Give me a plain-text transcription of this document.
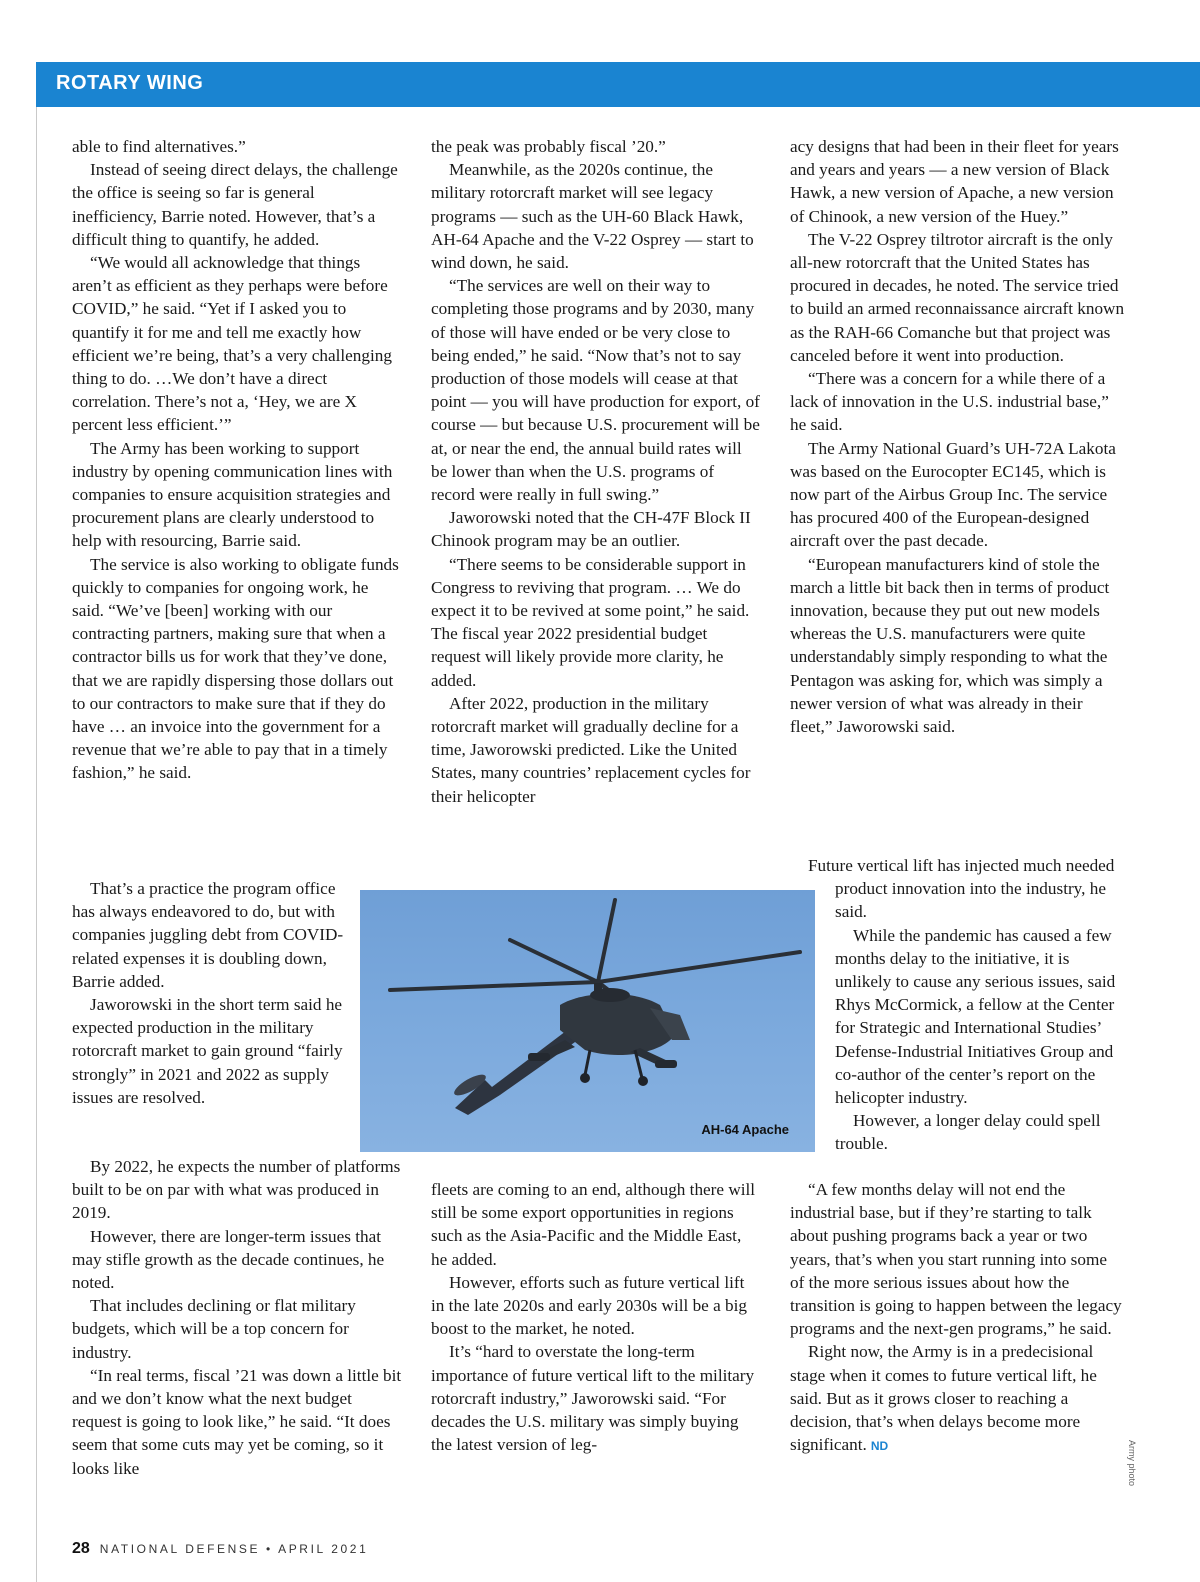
ROTARY WING

able to find alternatives.”

Instead of seeing direct delays, the challenge the office is seeing so far is general inefficiency, Barrie noted. However, that’s a difficult thing to quantify, he added.

“We would all acknowledge that things aren’t as efficient as they perhaps were before COVID,” he said. “Yet if I asked you to quantify it for me and tell me exactly how efficient we’re being, that’s a very challenging thing to do. …We don’t have a direct correlation. There’s not a, ‘Hey, we are X percent less efficient.’”

The Army has been working to support industry by opening communication lines with companies to ensure acquisition strategies and procurement plans are clearly understood to help with resourcing, Barrie said.

The service is also working to obligate funds quickly to companies for ongoing work, he said. “We’ve [been] working with our contracting partners, making sure that when a contractor bills us for work that they’ve done, that we are rapidly dispersing those dollars out to our contractors to make sure that if they do have … an invoice into the government for a revenue that we’re able to pay that in a timely fashion,” he said.

That’s a practice the program office has always endeavored to do, but with companies juggling debt from COVID-related expenses it is doubling down, Barrie added.

Jaworowski in the short term said he expected production in the military rotorcraft market to gain ground “fairly strongly” in 2021 and 2022 as supply issues are resolved.

By 2022, he expects the number of platforms built to be on par with what was produced in 2019.

However, there are longer-term issues that may stifle growth as the decade continues, he noted.

That includes declining or flat military budgets, which will be a top concern for industry.

“In real terms, fiscal ’21 was down a little bit and we don’t know what the next budget request is going to look like,” he said. “It does seem that some cuts may yet be coming, so it looks like

the peak was probably fiscal ’20.”

Meanwhile, as the 2020s continue, the military rotorcraft market will see legacy programs — such as the UH-60 Black Hawk, AH-64 Apache and the V-22 Osprey — start to wind down, he said.

“The services are well on their way to completing those programs and by 2030, many of those will have ended or be very close to being ended,” he said. “Now that’s not to say production of those models will cease at that point — you will have production for export, of course — but because U.S. procurement will be at, or near the end, the annual build rates will be lower than when the U.S. programs of record were really in full swing.”

Jaworowski noted that the CH-47F Block II Chinook program may be an outlier.

“There seems to be considerable support in Congress to reviving that program. … We do expect it to be revived at some point,” he said. The fiscal year 2022 presidential budget request will likely provide more clarity, he added.

After 2022, production in the military rotorcraft market will gradually decline for a time, Jaworowski predicted. Like the United States, many countries’ replacement cycles for their helicopter

fleets are coming to an end, although there will still be some export opportunities in regions such as the Asia-Pacific and the Middle East, he added.

However, efforts such as future vertical lift in the late 2020s and early 2030s will be a big boost to the market, he noted.

It’s “hard to overstate the long-term importance of future vertical lift to the military rotorcraft industry,” Jaworowski said. “For decades the U.S. military was simply buying the latest version of leg-

acy designs that had been in their fleet for years and years and years — a new version of Black Hawk, a new version of Apache, a new version of Chinook, a new version of the Huey.”

The V-22 Osprey tiltrotor aircraft is the only all-new rotorcraft that the United States has procured in decades, he noted. The service tried to build an armed reconnaissance aircraft known as the RAH-66 Comanche but that project was canceled before it went into production.

“There was a concern for a while there of a lack of innovation in the U.S. industrial base,” he said.

The Army National Guard’s UH-72A Lakota was based on the Eurocopter EC145, which is now part of the Airbus Group Inc. The service has procured 400 of the European-designed aircraft over the past decade.

“European manufacturers kind of stole the march a little bit back then in terms of product innovation, because they put out new models whereas the U.S. manufacturers were quite understandably simply responding to what the Pentagon was asking for, which was simply a newer version of what was already in their fleet,” Jaworowski said.

Future vertical lift has injected much needed product innovation into the industry, he said.

While the pandemic has caused a few months delay to the initiative, it is unlikely to cause any serious issues, said Rhys McCormick, a fellow at the Center for Strategic and International Studies’ Defense-Industrial Initiatives Group and co-author of the center’s report on the helicopter industry.

However, a longer delay could spell trouble.

“A few months delay will not end the industrial base, but if they’re starting to talk about pushing programs back a year or two years, that’s when you start running into some of the more serious issues about how the transition is going to happen between the legacy programs and the next-gen programs,” he said.

Right now, the Army is in a predecisional stage when it comes to future vertical lift, he said. But as it grows closer to reaching a decision, that’s when delays become more significant. ND

AH-64 Apache
Army photo
28 NATIONAL DEFENSE • APRIL 2021
